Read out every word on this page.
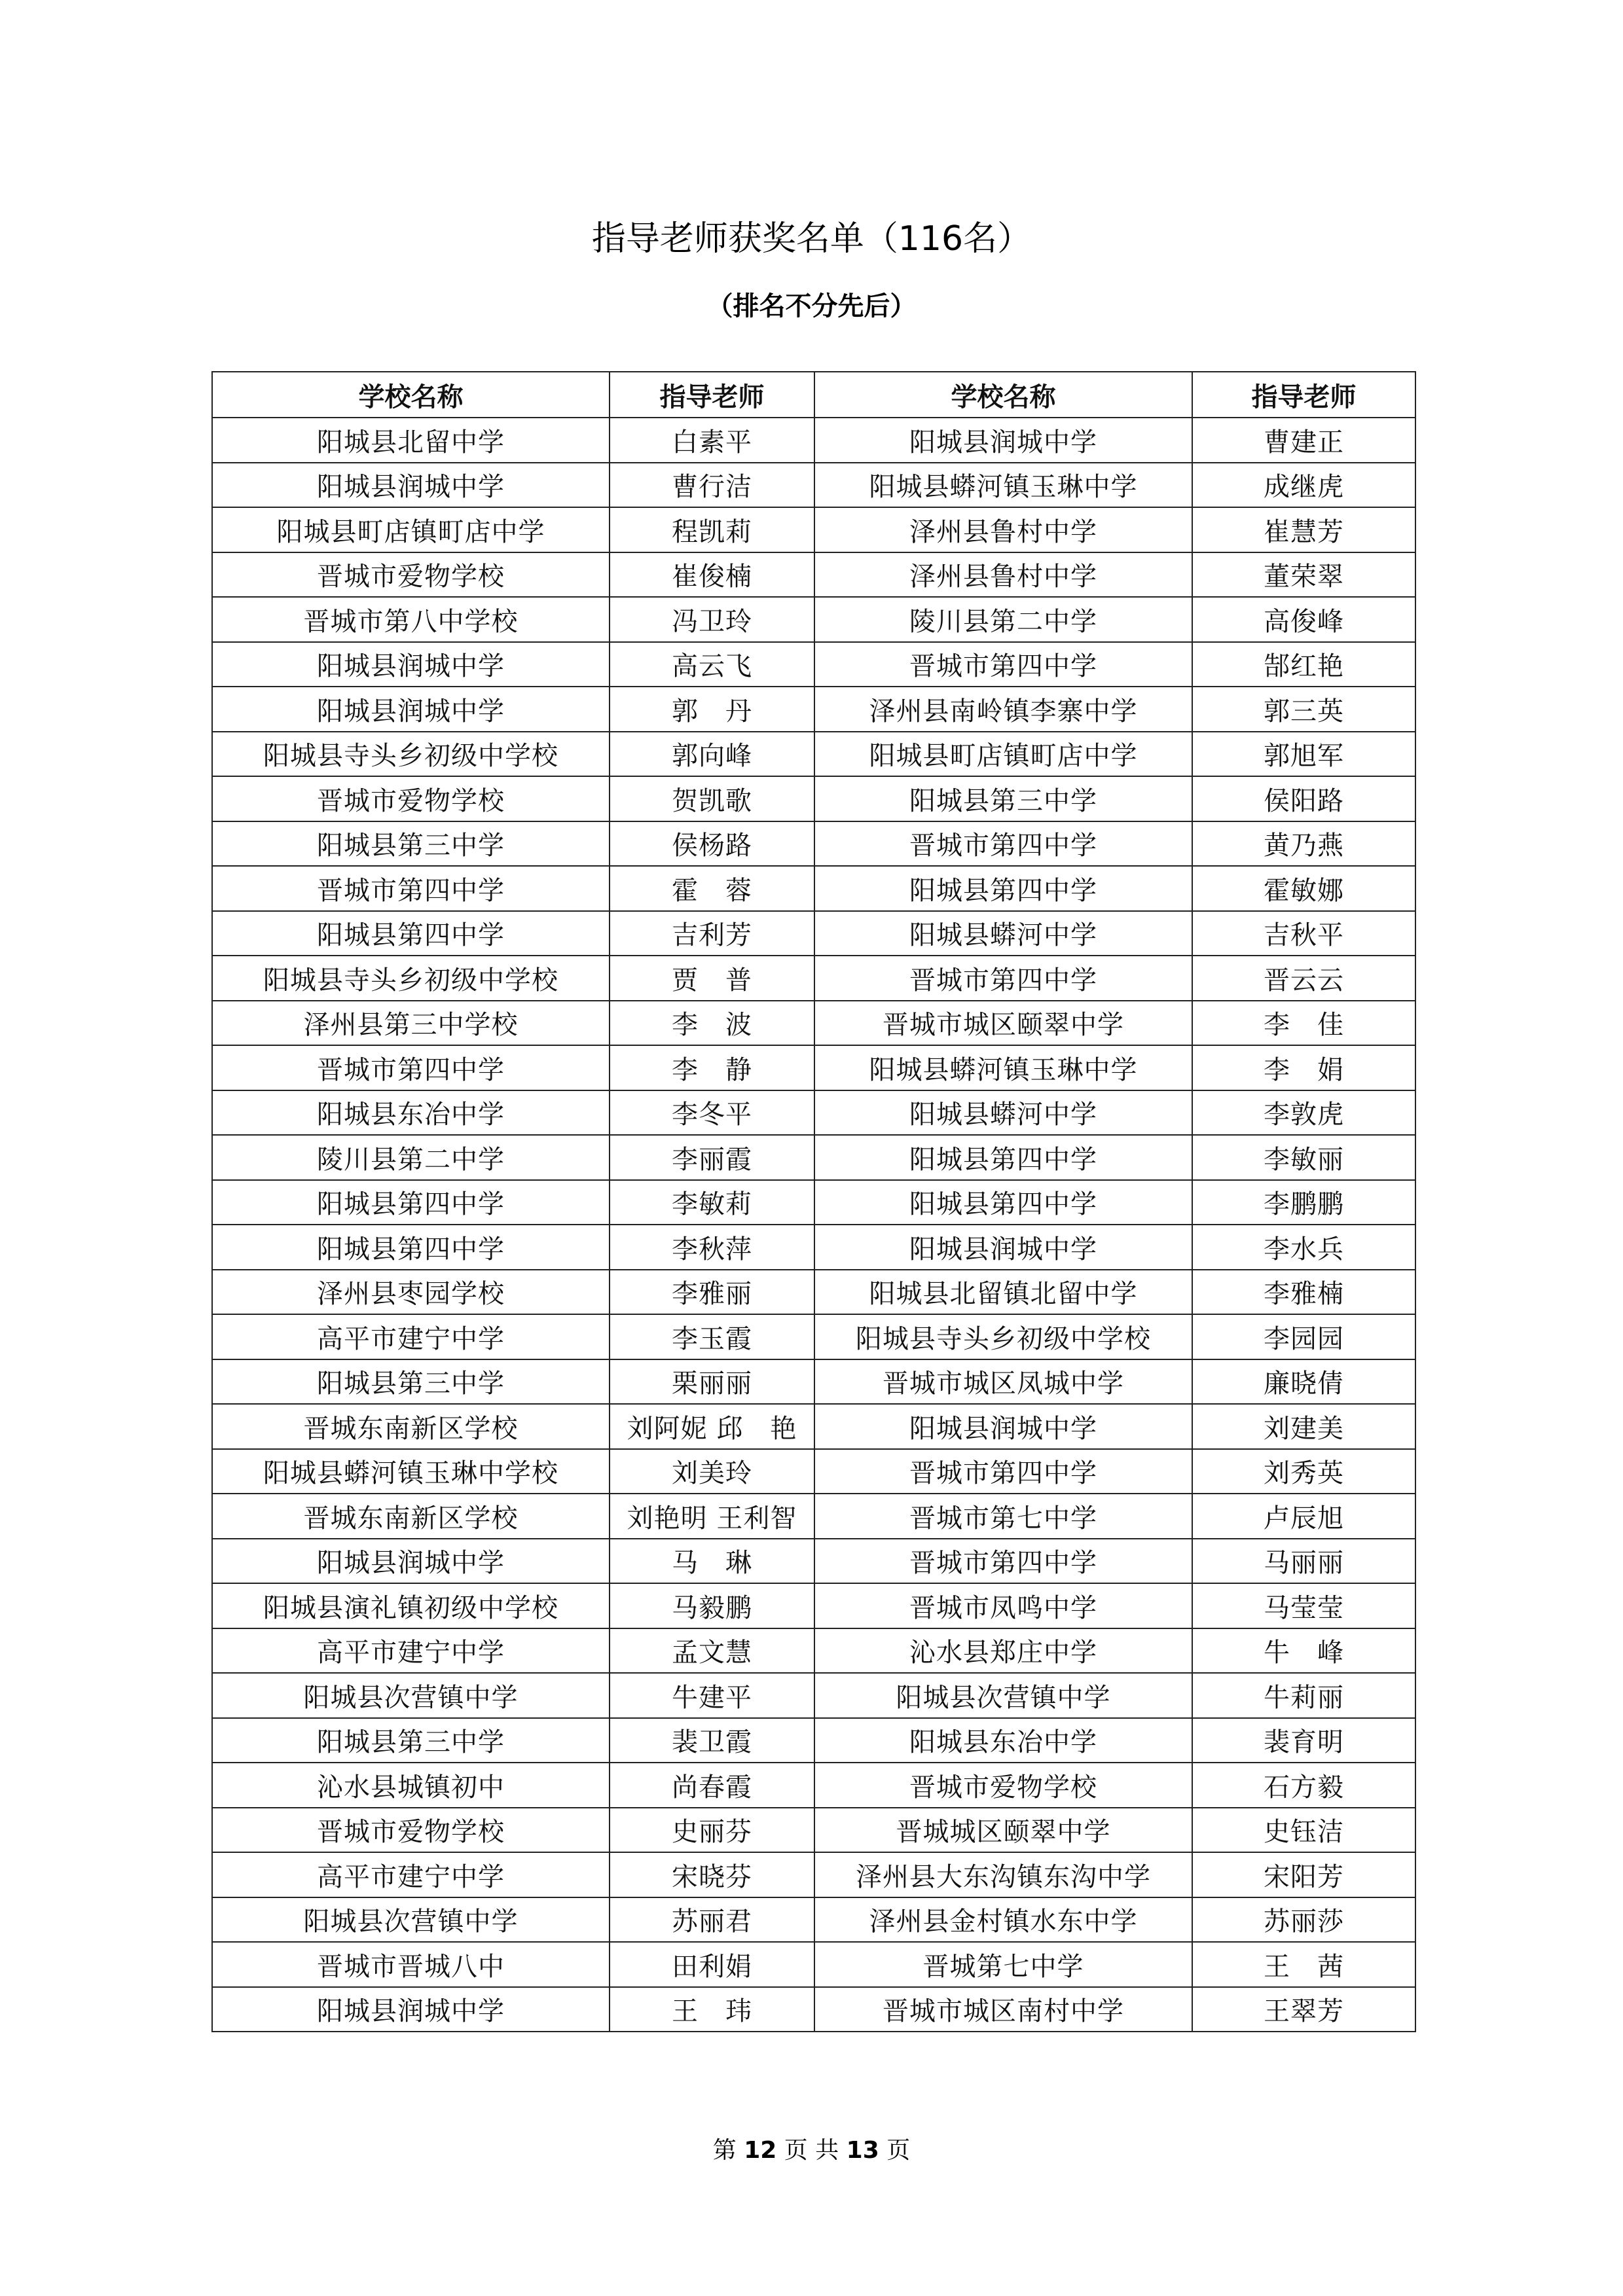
指导老师获奖名单（116名）
（排名不分先后）
学校名称	指导老师	学校名称	指导老师
阳城县北留中学	白素平	阳城县润城中学	曹建正
阳城县润城中学	曹行洁	阳城县蟒河镇玉琳中学	成继虎
阳城县町店镇町店中学	程凯莉	泽州县鲁村中学	崔慧芳
晋城市爱物学校	崔俊楠	泽州县鲁村中学	董荣翠
晋城市第八中学校	冯卫玲	陵川县第二中学	高俊峰
阳城县润城中学	高云飞	晋城市第四中学	郜红艳
阳城县润城中学	郭　丹	泽州县南岭镇李寨中学	郭三英
阳城县寺头乡初级中学校	郭向峰	阳城县町店镇町店中学	郭旭军
晋城市爱物学校	贺凯歌	阳城县第三中学	侯阳路
阳城县第三中学	侯杨路	晋城市第四中学	黄乃燕
晋城市第四中学	霍　蓉	阳城县第四中学	霍敏娜
阳城县第四中学	吉利芳	阳城县蟒河中学	吉秋平
阳城县寺头乡初级中学校	贾　普	晋城市第四中学	晋云云
泽州县第三中学校	李　波	晋城市城区颐翠中学	李　佳
晋城市第四中学	李　静	阳城县蟒河镇玉琳中学	李　娟
阳城县东冶中学	李冬平	阳城县蟒河中学	李敦虎
陵川县第二中学	李丽霞	阳城县第四中学	李敏丽
阳城县第四中学	李敏莉	阳城县第四中学	李鹏鹏
阳城县第四中学	李秋萍	阳城县润城中学	李水兵
泽州县枣园学校	李雅丽	阳城县北留镇北留中学	李雅楠
高平市建宁中学	李玉霞	阳城县寺头乡初级中学校	李园园
阳城县第三中学	栗丽丽	晋城市城区凤城中学	廉晓倩
晋城东南新区学校	刘阿妮 邱　艳	阳城县润城中学	刘建美
阳城县蟒河镇玉琳中学校	刘美玲	晋城市第四中学	刘秀英
晋城东南新区学校	刘艳明 王利智	晋城市第七中学	卢辰旭
阳城县润城中学	马　琳	晋城市第四中学	马丽丽
阳城县演礼镇初级中学校	马毅鹏	晋城市凤鸣中学	马莹莹
高平市建宁中学	孟文慧	沁水县郑庄中学	牛　峰
阳城县次营镇中学	牛建平	阳城县次营镇中学	牛莉丽
阳城县第三中学	裴卫霞	阳城县东冶中学	裴育明
沁水县城镇初中	尚春霞	晋城市爱物学校	石方毅
晋城市爱物学校	史丽芬	晋城城区颐翠中学	史钰洁
高平市建宁中学	宋晓芬	泽州县大东沟镇东沟中学	宋阳芳
阳城县次营镇中学	苏丽君	泽州县金村镇水东中学	苏丽莎
晋城市晋城八中	田利娟	晋城第七中学	王　茜
阳城县润城中学	王　玮	晋城市城区南村中学	王翠芳
第 12 页 共 13 页
